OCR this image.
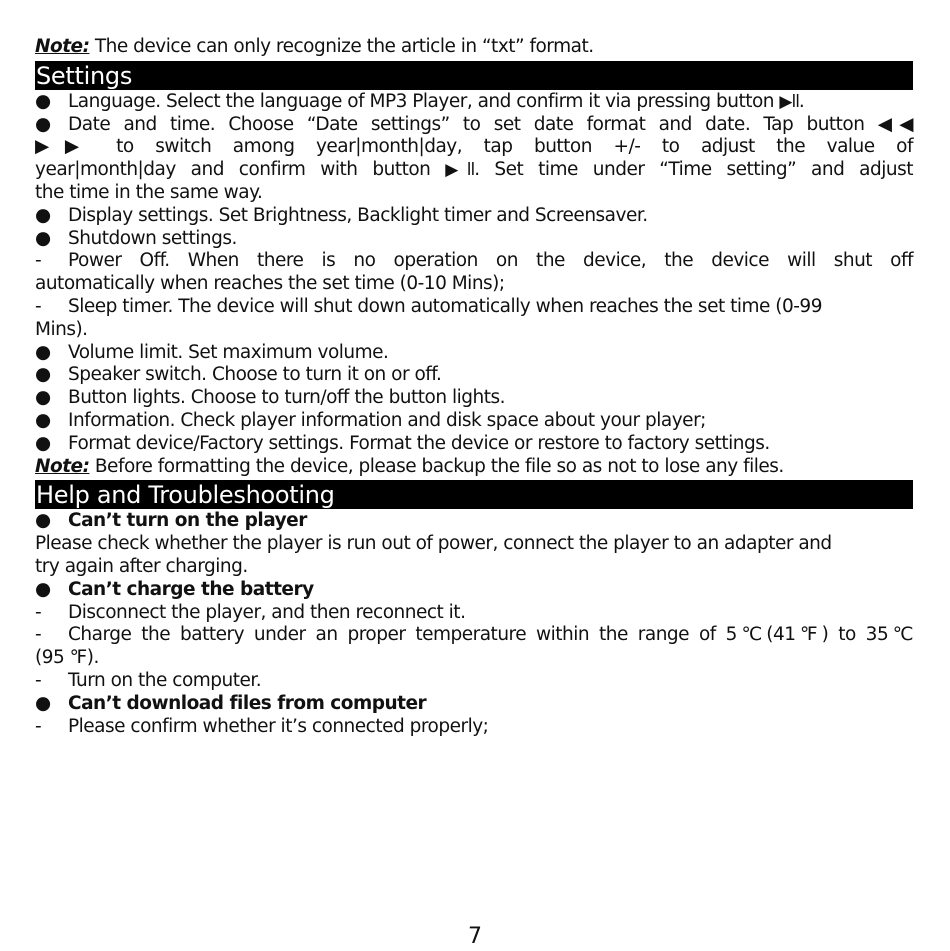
Note: The device can only recognize the article in “txt” format.
Settings
● Language. Select the language of MP3 Player, and confirm it via pressing button ▶ll.
● Date and time. Choose “Date settings” to set date format and date. Tap button ◀◀
▶▶ to switch among year|month|day, tap button +/- to adjust the value of
year|month|day and confirm with button ▶ll. Set time under “Time setting” and adjust
the time in the same way.
● Display settings. Set Brightness, Backlight timer and Screensaver.
● Shutdown settings.
- Power Off. When there is no operation on the device, the device will shut off
automatically when reaches the set time (0-10 Mins);
- Sleep timer. The device will shut down automatically when reaches the set time (0-99
Mins).
● Volume limit. Set maximum volume.
● Speaker switch. Choose to turn it on or off.
● Button lights. Choose to turn/off the button lights.
● Information. Check player information and disk space about your player;
● Format device/Factory settings. Format the device or restore to factory settings.
Note: Before formatting the device, please backup the file so as not to lose any files.
Help and Troubleshooting
● Can’t turn on the player
Please check whether the player is run out of power, connect the player to an adapter and
try again after charging.
● Can’t charge the battery
- Disconnect the player, and then reconnect it.
- Charge the battery under an proper temperature within the range of 5℃(41℉) to 35℃
(95 ℉).
- Turn on the computer.
● Can’t download files from computer
- Please confirm whether it’s connected properly;
7
